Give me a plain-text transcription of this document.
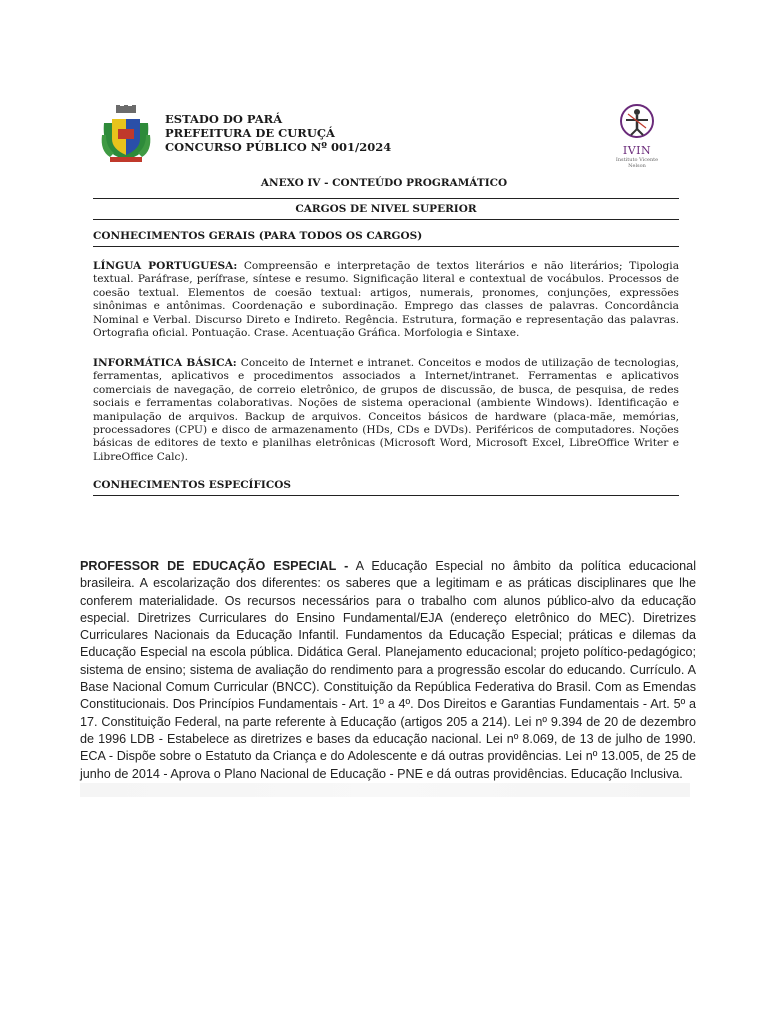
ESTADO DO PARÁ
PREFEITURA DE CURUÇÁ
CONCURSO PÚBLICO Nº 001/2024	IVIN
Instituto Vicente Nelson
ANEXO IV - CONTEÚDO PROGRAMÁTICO
CARGOS DE NIVEL SUPERIOR
CONHECIMENTOS GERAIS (PARA TODOS OS CARGOS)
LÍNGUA PORTUGUESA: Compreensão e interpretação de textos literários e não literários; Tipologia textual. Paráfrase, perífrase, síntese e resumo. Significação literal e contextual de vocábulos. Processos de coesão textual. Elementos de coesão textual: artigos, numerais, pronomes, conjunções, expressões sinônimas e antônimas. Coordenação e subordinação. Emprego das classes de palavras. Concordância Nominal e Verbal. Discurso Direto e Indireto. Regência. Estrutura, formação e representação das palavras. Ortografia oficial. Pontuação. Crase. Acentuação Gráfica. Morfologia e Sintaxe.
INFORMÁTICA BÁSICA: Conceito de Internet e intranet. Conceitos e modos de utilização de tecnologias, ferramentas, aplicativos e procedimentos associados a Internet/intranet. Ferramentas e aplicativos comerciais de navegação, de correio eletrônico, de grupos de discussão, de busca, de pesquisa, de redes sociais e ferramentas colaborativas. Noções de sistema operacional (ambiente Windows). Identificação e manipulação de arquivos. Backup de arquivos. Conceitos básicos de hardware (placa-mãe, memórias, processadores (CPU) e disco de armazenamento (HDs, CDs e DVDs). Periféricos de computadores. Noções básicas de editores de texto e planilhas eletrônicas (Microsoft Word, Microsoft Excel, LibreOffice Writer e LibreOffice Calc).
CONHECIMENTOS ESPECÍFICOS
PROFESSOR DE EDUCAÇÃO ESPECIAL - A Educação Especial no âmbito da política educacional brasileira. A escolarização dos diferentes: os saberes que a legitimam e as práticas disciplinares que lhe conferem materialidade. Os recursos necessários para o trabalho com alunos público-alvo da educação especial. Diretrizes Curriculares do Ensino Fundamental/EJA (endereço eletrônico do MEC). Diretrizes Curriculares Nacionais da Educação Infantil. Fundamentos da Educação Especial; práticas e dilemas da Educação Especial na escola pública. Didática Geral. Planejamento educacional; projeto político-pedagógico; sistema de ensino; sistema de avaliação do rendimento para a progressão escolar do educando. Currículo. A Base Nacional Comum Curricular (BNCC). Constituição da República Federativa do Brasil. Com as Emendas Constitucionais. Dos Princípios Fundamentais - Art. 1º a 4º. Dos Direitos e Garantias Fundamentais - Art. 5º a 17. Constituição Federal, na parte referente à Educação (artigos 205 a 214). Lei nº 9.394 de 20 de dezembro de 1996 LDB - Estabelece as diretrizes e bases da educação nacional. Lei nº 8.069, de 13 de julho de 1990. ECA - Dispõe sobre o Estatuto da Criança e do Adolescente e dá outras providências. Lei nº 13.005, de 25 de junho de 2014 - Aprova o Plano Nacional de Educação - PNE e dá outras providências. Educação Inclusiva.
